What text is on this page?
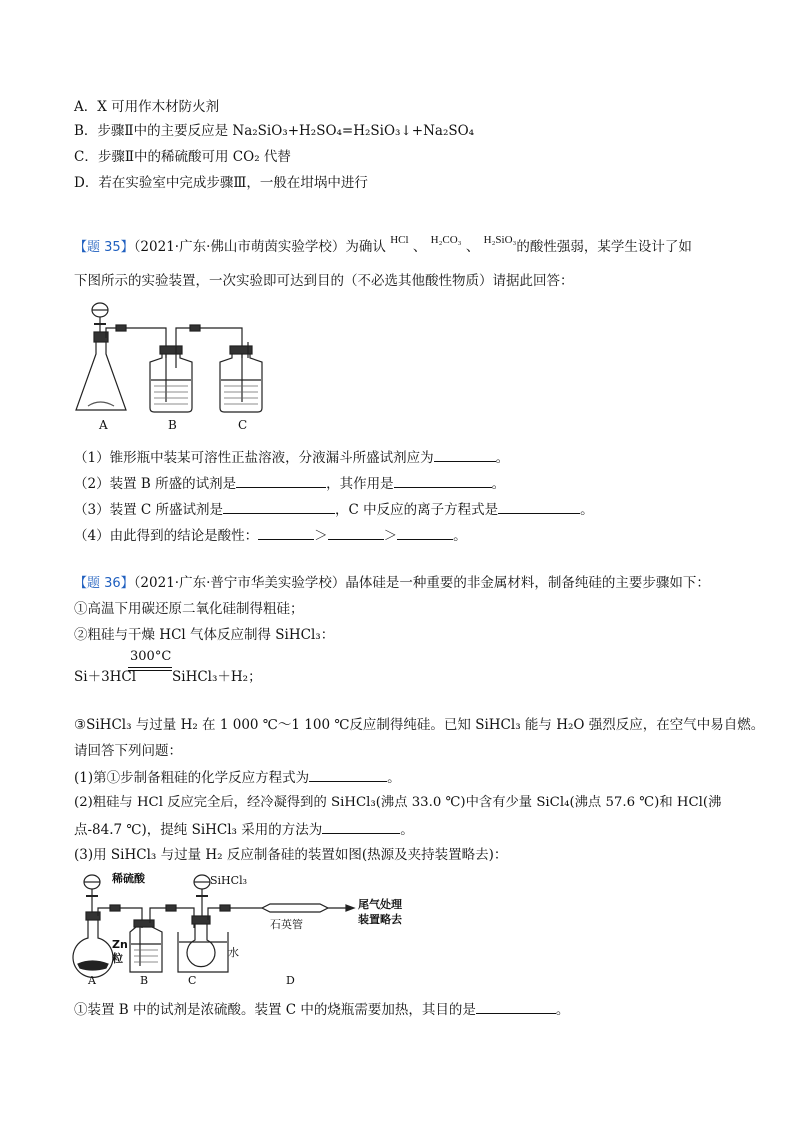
A．X 可用作木材防火剂
B．步骤Ⅱ中的主要反应是 Na₂SiO₃+H₂SO₄=H₂SiO₃↓+Na₂SO₄
C．步骤Ⅱ中的稀硫酸可用 CO₂ 代替
D．若在实验室中完成步骤Ⅲ，一般在坩埚中进行
【题 35】（2021·广东·佛山市萌茵实验学校）为确认 $^{HCl}$ 、 $^{H_2CO_3}$ 、 $^{H_2SiO_3}$的酸性强弱，某学生设计了如
下图所示的实验装置，一次实验即可达到目的（不必选其他酸性物质）请据此回答：
A	B	C
（1）锥形瓶中装某可溶性正盐溶液，分液漏斗所盛试剂应为	。
（2）装置 B 所盛的试剂是	，其作用是	。
（3）装置 C 所盛试剂是	，C 中反应的离子方程式是	。
（4）由此得到的结论是酸性：	＞	＞	。
【题 36】（2021·广东·普宁市华美实验学校）晶体硅是一种重要的非金属材料，制备纯硅的主要步骤如下：
①高温下用碳还原二氧化硅制得粗硅；
②粗硅与干燥 HCl 气体反应制得 SiHCl₃：
300°C
Si＋3HCl	SiHCl₃＋H₂；
③SiHCl₃ 与过量 H₂ 在 1 000 ℃～1 100 ℃反应制得纯硅。已知 SiHCl₃ 能与 H₂O 强烈反应，在空气中易自燃。
请回答下列问题：
(1)第①步制备粗硅的化学反应方程式为	。
(2)粗硅与 HCl 反应完全后，经冷凝得到的 SiHCl₃(沸点 33.0 ℃)中含有少量 SiCl₄(沸点 57.6 ℃)和 HCl(沸
点-84.7 ℃)，提纯 SiHCl₃ 采用的方法为	。
(3)用 SiHCl₃ 与过量 H₂ 反应制备硅的装置如图(热源及夹持装置略去)：
稀硫酸	SiHCl₃
尾气处理
装置略去
石英管
Zn
粒	水
A	B	C	D
①装置 B 中的试剂是浓硫酸。装置 C 中的烧瓶需要加热，其目的是	。
